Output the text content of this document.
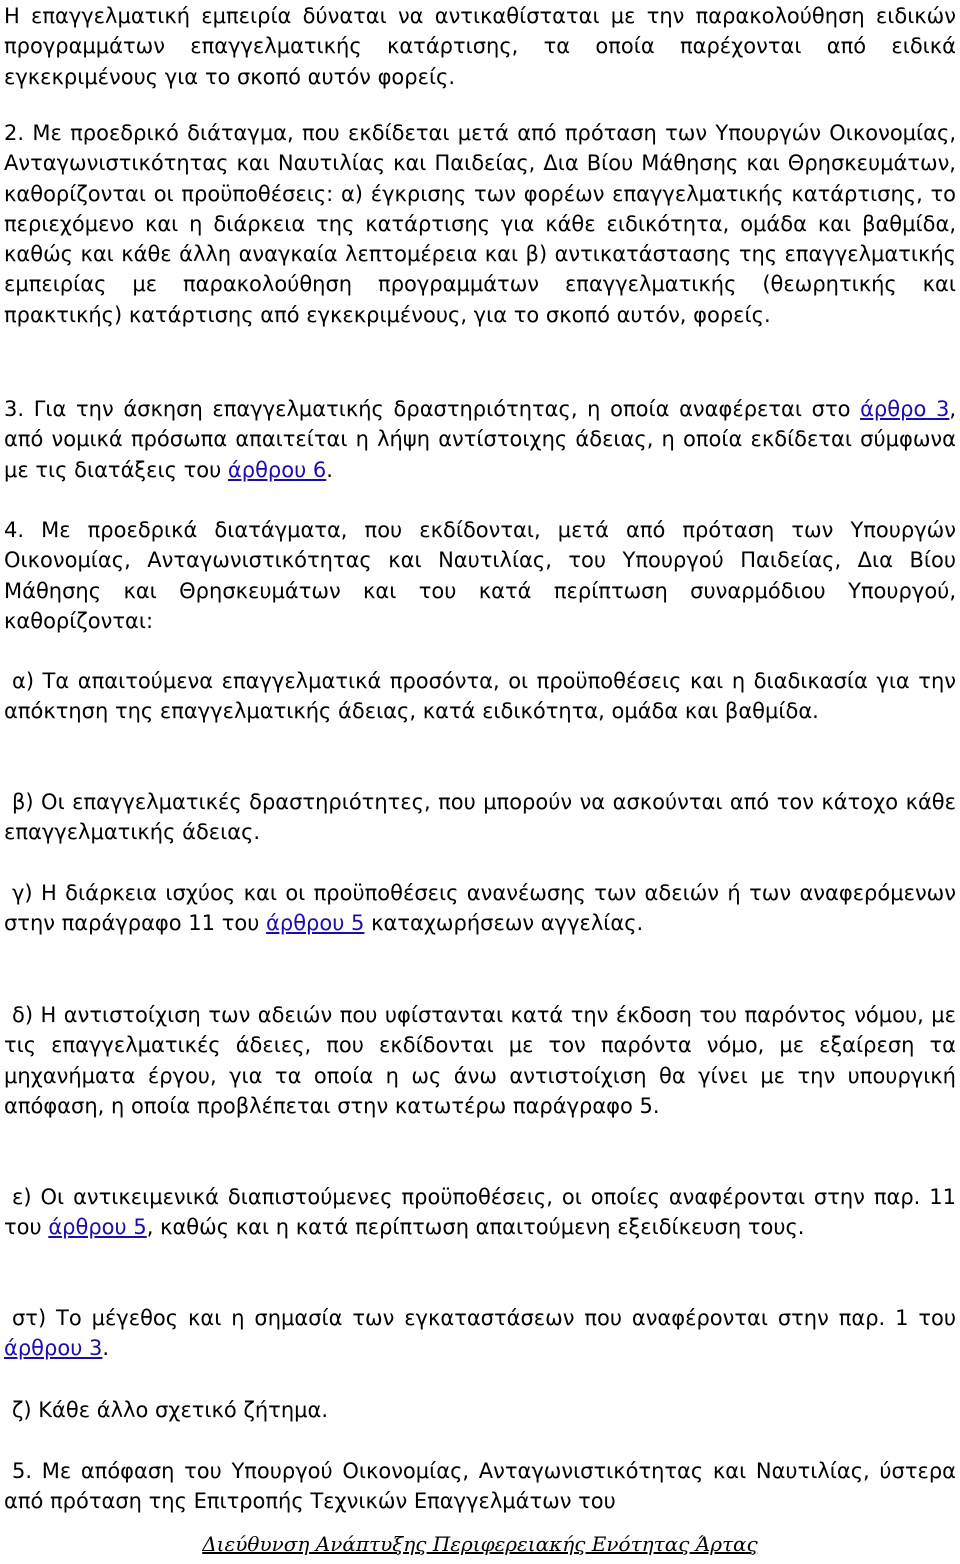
Η επαγγελματική εμπειρία δύναται να αντικαθίσταται με την παρακολούθηση ειδικών προγραμμάτων επαγγελματικής κατάρτισης, τα οποία παρέχονται από ειδικά εγκεκριμένους για το σκοπό αυτόν φορείς.

2. Με προεδρικό διάταγμα, που εκδίδεται μετά από πρόταση των Υπουργών Οικονομίας, Ανταγωνιστικότητας και Ναυτιλίας και Παιδείας, Δια Βίου Μάθησης και Θρησκευμάτων, καθορίζονται οι προϋποθέσεις: α) έγκρισης των φορέων επαγγελματικής κατάρτισης, το περιεχόμενο και η διάρκεια της κατάρτισης για κάθε ειδικότητα, ομάδα και βαθμίδα, καθώς και κάθε άλλη αναγκαία λεπτομέρεια και β) αντικατάστασης της επαγγελματικής εμπειρίας με παρακολούθηση προγραμμάτων επαγγελματικής (θεωρητικής και πρακτικής) κατάρτισης από εγκεκριμένους, για το σκοπό αυτόν, φορείς.

3. Για την άσκηση επαγγελματικής δραστηριότητας, η οποία αναφέρεται στο άρθρο 3, από νομικά πρόσωπα απαιτείται η λήψη αντίστοιχης άδειας, η οποία εκδίδεται σύμφωνα με τις διατάξεις του άρθρου 6.

4. Με προεδρικά διατάγματα, που εκδίδονται, μετά από πρόταση των Υπουργών Οικονομίας, Ανταγωνιστικότητας και Ναυτιλίας, του Υπουργού Παιδείας, Δια Βίου Μάθησης και Θρησκευμάτων και του κατά περίπτωση συναρμόδιου Υπουργού, καθορίζονται:

α) Τα απαιτούμενα επαγγελματικά προσόντα, οι προϋποθέσεις και η διαδικασία για την απόκτηση της επαγγελματικής άδειας, κατά ειδικότητα, ομάδα και βαθμίδα.

β) Οι επαγγελματικές δραστηριότητες, που μπορούν να ασκούνται από τον κάτοχο κάθε επαγγελματικής άδειας.

γ) Η διάρκεια ισχύος και οι προϋποθέσεις ανανέωσης των αδειών ή των αναφερόμενων στην παράγραφο 11 του άρθρου 5 καταχωρήσεων αγγελίας.

δ) Η αντιστοίχιση των αδειών που υφίστανται κατά την έκδοση του παρόντος νόμου, με τις επαγγελματικές άδειες, που εκδίδονται με τον παρόντα νόμο, με εξαίρεση τα μηχανήματα έργου, για τα οποία η ως άνω αντιστοίχιση θα γίνει με την υπουργική απόφαση, η οποία προβλέπεται στην κατωτέρω παράγραφο 5.

ε) Οι αντικειμενικά διαπιστούμενες προϋποθέσεις, οι οποίες αναφέρονται στην παρ. 11 του άρθρου 5, καθώς και η κατά περίπτωση απαιτούμενη εξειδίκευση τους.

στ) Το μέγεθος και η σημασία των εγκαταστάσεων που αναφέρονται στην παρ. 1 του άρθρου 3.

ζ) Κάθε άλλο σχετικό ζήτημα.

5. Με απόφαση του Υπουργού Οικονομίας, Ανταγωνιστικότητας και Ναυτιλίας, ύστερα από πρόταση της Επιτροπής Τεχνικών Επαγγελμάτων του

Διεύθυνση Ανάπτυξης Περιφερειακής Ενότητας Άρτας
